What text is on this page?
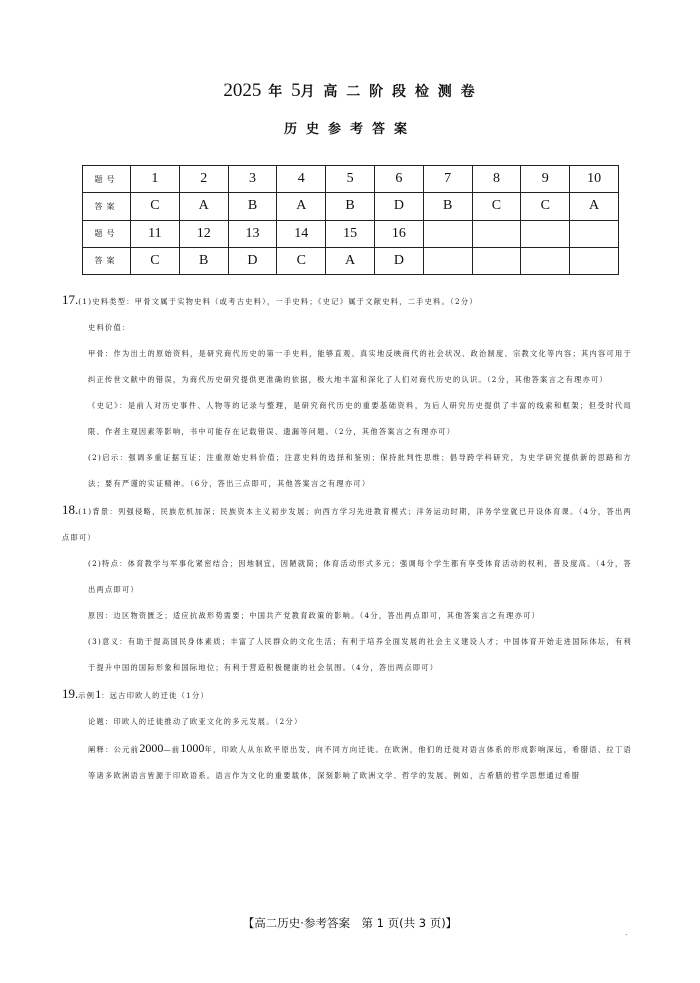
2025 年 5月 高 二 阶 段 检 测 卷
历史参考答案
题号	1	2	3	4	5	6	7	8	9	10
答案	C	A	B	A	B	D	B	C	C	A
题号	11	12	13	14	15	16				
答案	C	B	D	C	A	D				
17.(1)史料类型：甲骨文属于实物史料（或考古史料），一手史料；《史记》属于文献史料，二手史料。（2分）
史料价值：
甲骨：作为出土的原始资料，是研究商代历史的第一手史料，能够直观、真实地反映商代的社会状况、政治制度、宗教文化等内容；其内容可用于纠正传世文献中的错误，为商代历史研究提供更准确的依据，极大地丰富和深化了人们对商代历史的认识。（2分，其他答案言之有理亦可）
《史记》：是前人对历史事件、人物等的记录与整理，是研究商代历史的重要基础资料，为后人研究历史提供了丰富的线索和框架；但受时代局限、作者主观因素等影响，书中可能存在记载错误、遗漏等问题。（2分，其他答案言之有理亦可）
(2)启示：强调多重证据互证；注重原始史料价值；注意史料的选择和鉴别；保持批判性思维；倡导跨学科研究，为史学研究提供新的思路和方法；要有严谨的实证精神。（6分，答出三点即可，其他答案言之有理亦可）
18.(1)背景：列强侵略，民族危机加深；民族资本主义初步发展；向西方学习先进教育模式；洋务运动时期，洋务学堂就已开设体育课。（4分，答出两点即可）
(2)特点：体育教学与军事化紧密结合；因地制宜，因陋就简；体育活动形式多元；强调每个学生都有享受体育活动的权利，普及度高。（4分，答出两点即可）
原因：边区物资匮乏；适应抗战形势需要；中国共产党教育政策的影响。（4分，答出两点即可，其他答案言之有理亦可）
(3)意义：有助于提高国民身体素质；丰富了人民群众的文化生活；有利于培养全面发展的社会主义建设人才；中国体育开始走进国际体坛，有利于提升中国的国际形象和国际地位；有利于营造积极健康的社会氛围。（4分，答出两点即可）
19.示例1：远古印欧人的迁徙（1分）
论题：印欧人的迁徙推动了欧亚文化的多元发展。（2分）
阐释：公元前2000—前1000年，印欧人从东欧平原出发，向不同方向迁徙。在欧洲，他们的迁徙对语言体系的形成影响深远，希腊语、拉丁语等诸多欧洲语言皆源于印欧语系。语言作为文化的重要载体，深刻影响了欧洲文学、哲学的发展。例如，古希腊的哲学思想通过希腊
【高二历史·参考答案　第 1 页(共 3 页)】
.
